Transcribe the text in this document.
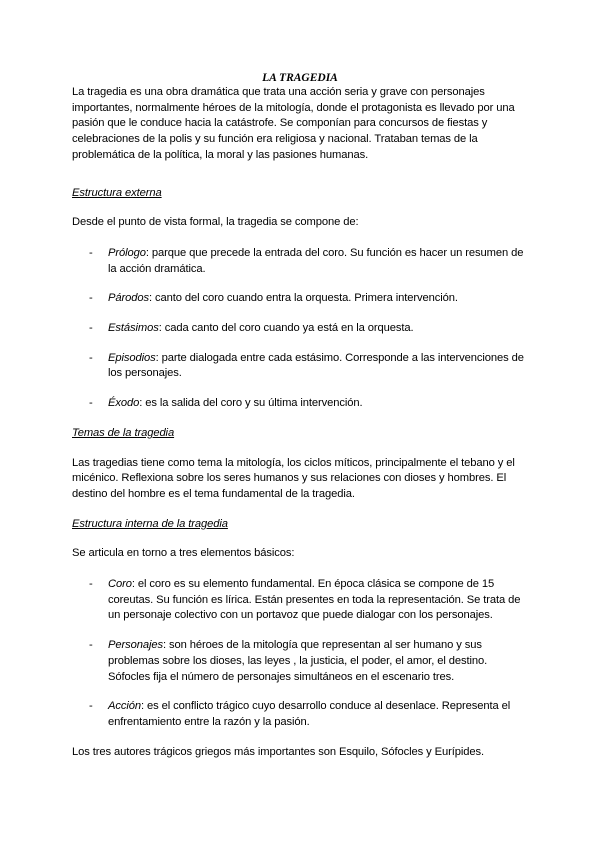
LA TRAGEDIA

La tragedia es una obra dramática que trata una acción seria y grave con personajes importantes, normalmente héroes de la mitología, donde el protagonista es llevado por una pasión que le conduce hacia la catástrofe. Se componían para concursos de fiestas y celebraciones de la polis y su función era religiosa y nacional. Trataban temas de la problemática de la política, la moral y las pasiones humanas.

Estructura externa

Desde el punto de vista formal, la tragedia se compone de:

- Prólogo: parque que precede la entrada del coro. Su función es hacer un resumen de la acción dramática.
- Párodos: canto del coro cuando entra la orquesta. Primera intervención.
- Estásimos: cada canto del coro cuando ya está en la orquesta.
- Episodios: parte dialogada entre cada estásimo. Corresponde a las intervenciones de los personajes.
- Éxodo: es la salida del coro y su última intervención.

Temas de la tragedia

Las tragedias tiene como tema la mitología, los ciclos míticos, principalmente el tebano y el micénico. Reflexiona sobre los seres humanos y sus relaciones con dioses y hombres. El destino del hombre es el tema fundamental de la tragedia.

Estructura interna de la tragedia

Se articula en torno a tres elementos básicos:

- Coro: el coro es su elemento fundamental. En época clásica se compone de 15 coreutas. Su función es lírica. Están presentes en toda la representación. Se trata de un personaje colectivo con un portavoz que puede dialogar con los personajes.
- Personajes: son héroes de la mitología que representan al ser humano y sus problemas sobre los dioses, las leyes , la justicia, el poder, el amor, el destino. Sófocles fija el número de personajes simultáneos en el escenario tres.
- Acción: es el conflicto trágico cuyo desarrollo conduce al desenlace. Representa el enfrentamiento entre la razón y la pasión.

Los tres autores trágicos griegos más importantes son Esquilo, Sófocles y Eurípides.
